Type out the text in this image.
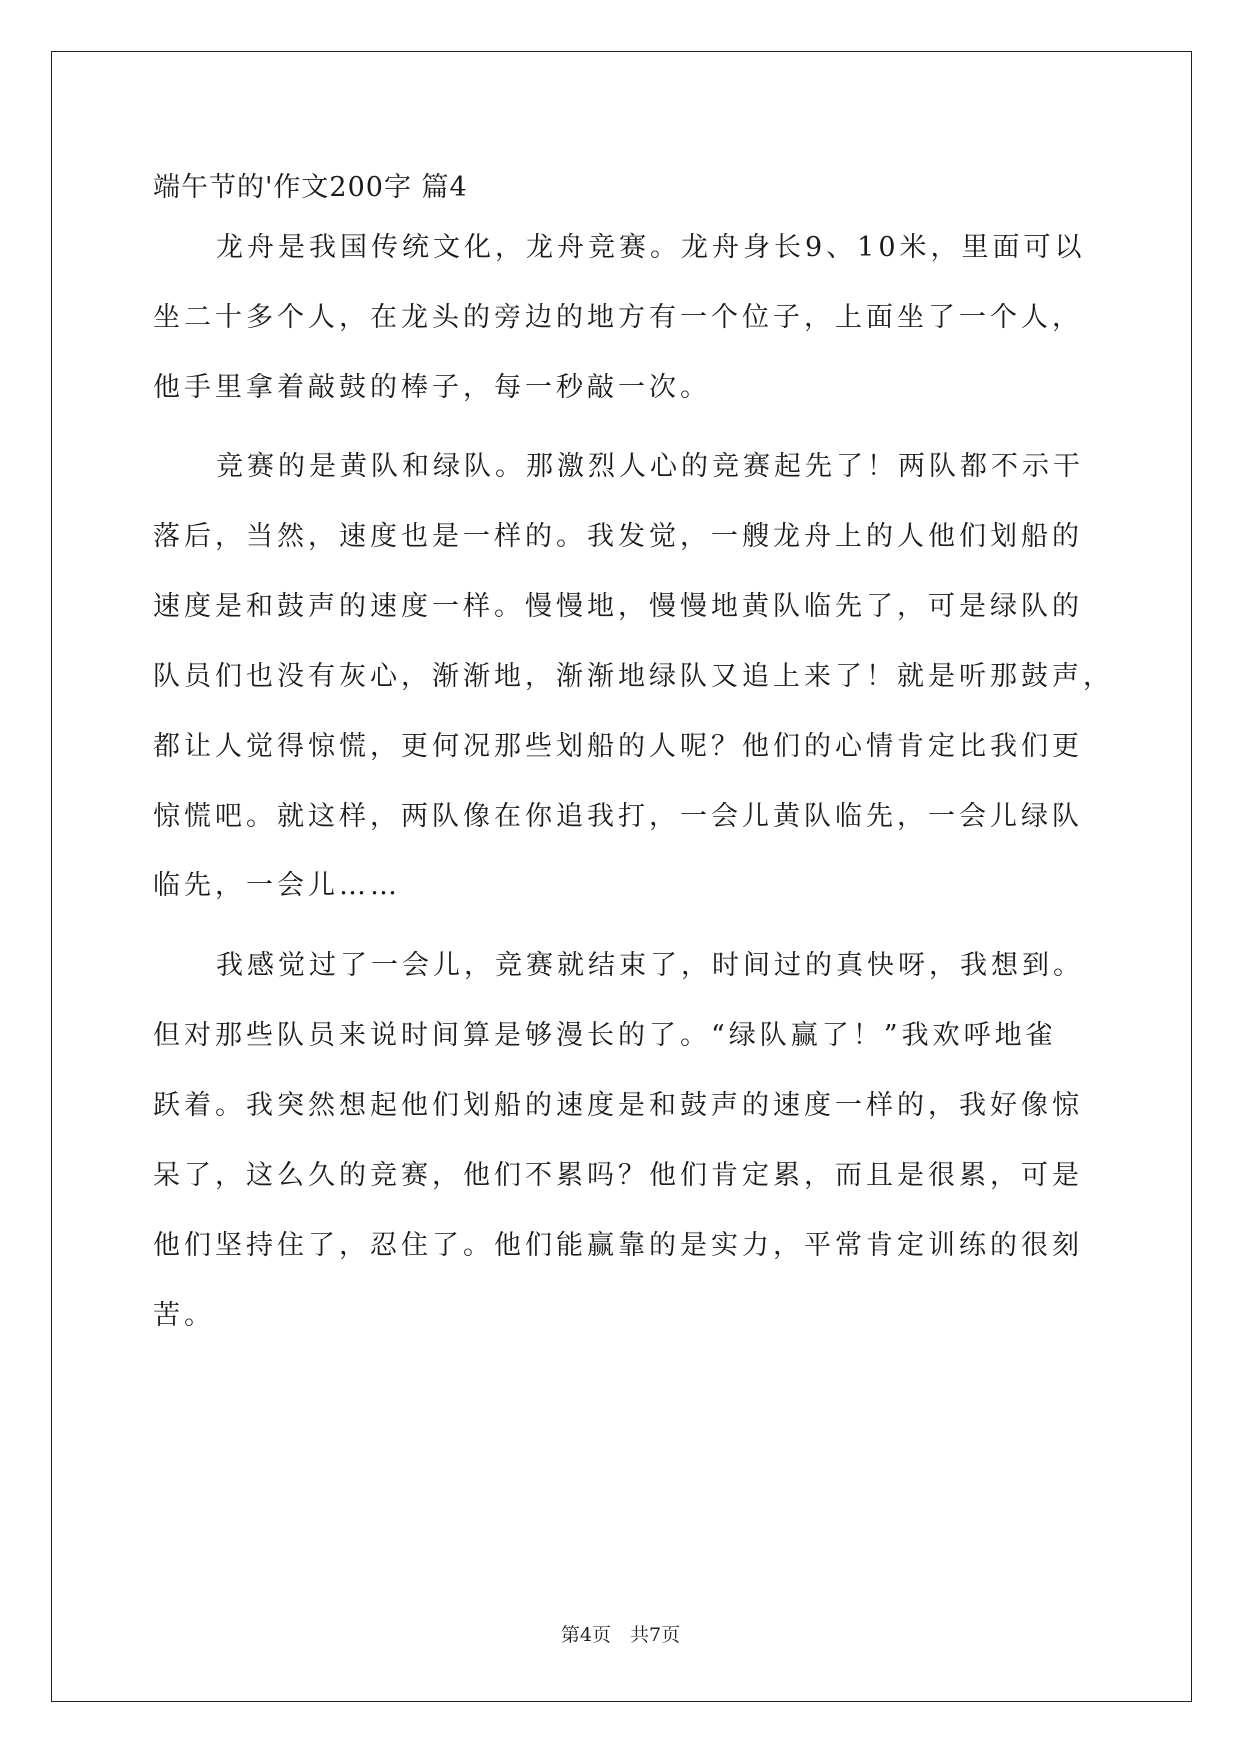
端午节的'作文200字 篇4
龙舟是我国传统文化，龙舟竞赛。龙舟身长9、10米，里面可以
坐二十多个人，在龙头的旁边的地方有一个位子，上面坐了一个人，
他手里拿着敲鼓的棒子，每一秒敲一次。
竞赛的是黄队和绿队。那激烈人心的竞赛起先了！两队都不示干
落后，当然，速度也是一样的。我发觉，一艘龙舟上的人他们划船的
速度是和鼓声的速度一样。慢慢地，慢慢地黄队临先了，可是绿队的
队员们也没有灰心，渐渐地，渐渐地绿队又追上来了！就是听那鼓声，
都让人觉得惊慌，更何况那些划船的人呢？他们的心情肯定比我们更
惊慌吧。就这样，两队像在你追我打，一会儿黄队临先，一会儿绿队
临先，一会儿……
我感觉过了一会儿，竞赛就结束了，时间过的真快呀，我想到。
但对那些队员来说时间算是够漫长的了。“绿队赢了！”我欢呼地雀
跃着。我突然想起他们划船的速度是和鼓声的速度一样的，我好像惊
呆了，这么久的竞赛，他们不累吗？他们肯定累，而且是很累，可是
他们坚持住了，忍住了。他们能赢靠的是实力，平常肯定训练的很刻
苦。
第4页　共7页
